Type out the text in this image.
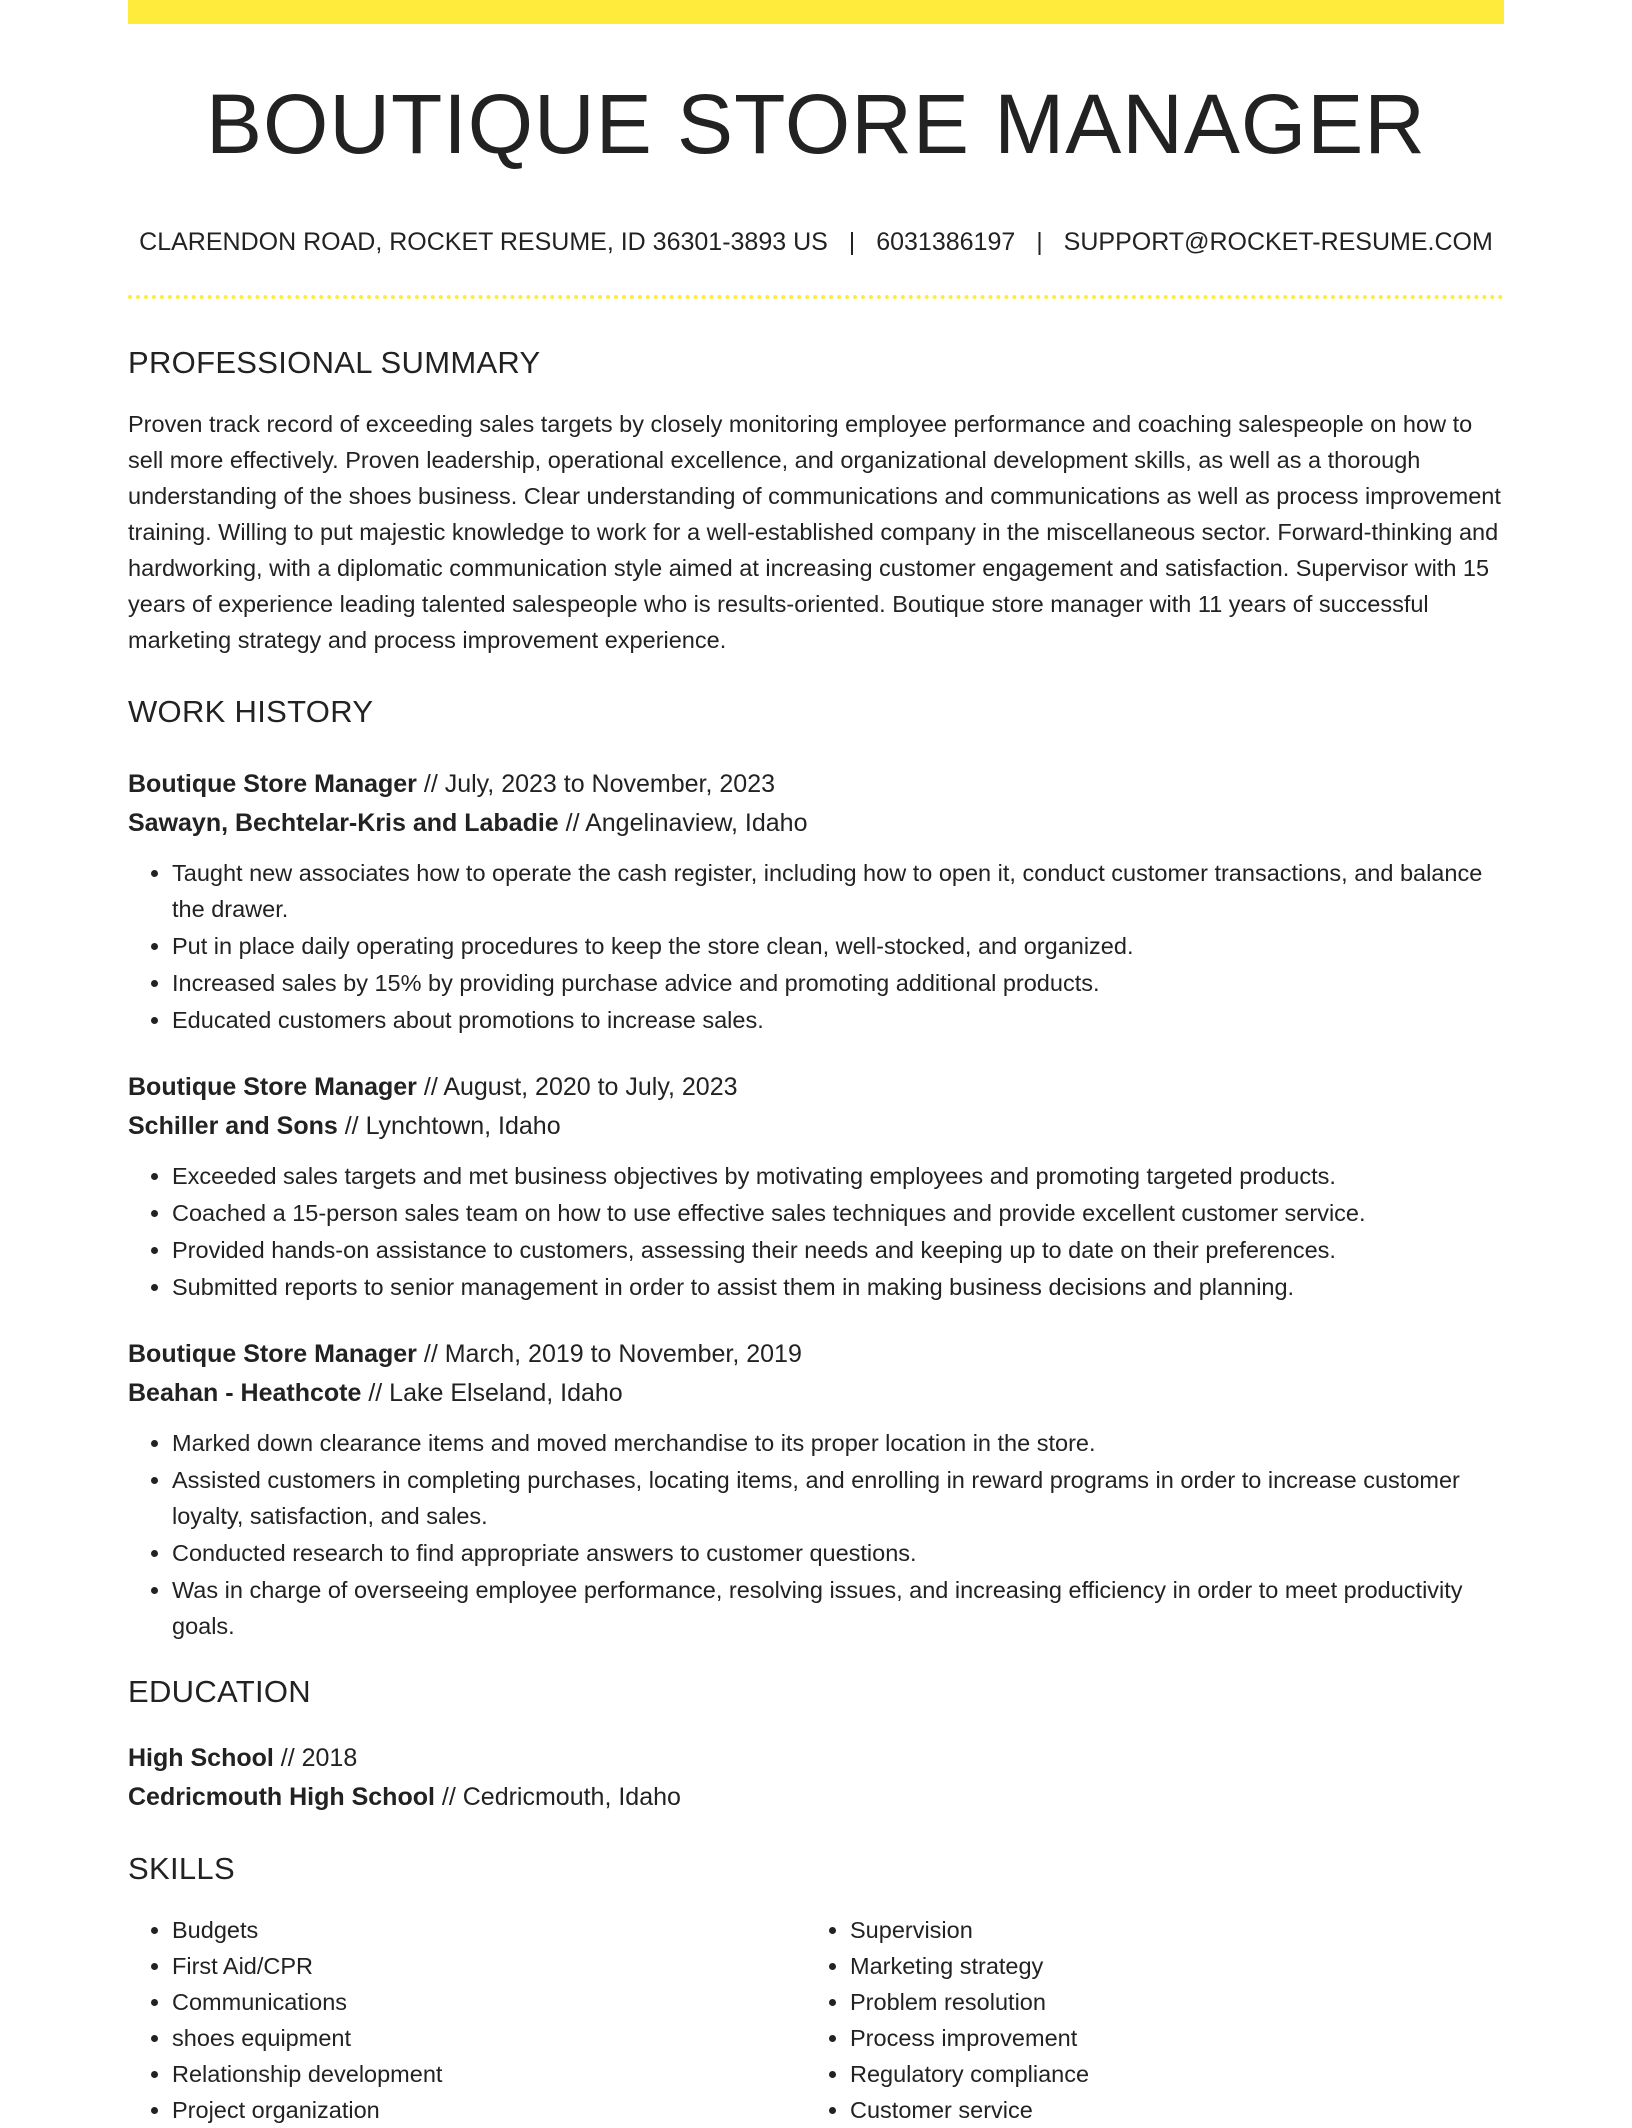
BOUTIQUE STORE MANAGER
CLARENDON ROAD, ROCKET RESUME, ID 36301-3893 US | 6031386197 | SUPPORT@ROCKET-RESUME.COM
PROFESSIONAL SUMMARY
Proven track record of exceeding sales targets by closely monitoring employee performance and coaching salespeople on how to sell more effectively. Proven leadership, operational excellence, and organizational development skills, as well as a thorough understanding of the shoes business. Clear understanding of communications and communications as well as process improvement training. Willing to put majestic knowledge to work for a well-established company in the miscellaneous sector. Forward-thinking and hardworking, with a diplomatic communication style aimed at increasing customer engagement and satisfaction. Supervisor with 15 years of experience leading talented salespeople who is results-oriented. Boutique store manager with 11 years of successful marketing strategy and process improvement experience.
WORK HISTORY
Boutique Store Manager // July, 2023 to November, 2023
Sawayn, Bechtelar-Kris and Labadie // Angelinaview, Idaho
• Taught new associates how to operate the cash register, including how to open it, conduct customer transactions, and balance the drawer.
• Put in place daily operating procedures to keep the store clean, well-stocked, and organized.
• Increased sales by 15% by providing purchase advice and promoting additional products.
• Educated customers about promotions to increase sales.
Boutique Store Manager // August, 2020 to July, 2023
Schiller and Sons // Lynchtown, Idaho
• Exceeded sales targets and met business objectives by motivating employees and promoting targeted products.
• Coached a 15-person sales team on how to use effective sales techniques and provide excellent customer service.
• Provided hands-on assistance to customers, assessing their needs and keeping up to date on their preferences.
• Submitted reports to senior management in order to assist them in making business decisions and planning.
Boutique Store Manager // March, 2019 to November, 2019
Beahan - Heathcote // Lake Elseland, Idaho
• Marked down clearance items and moved merchandise to its proper location in the store.
• Assisted customers in completing purchases, locating items, and enrolling in reward programs in order to increase customer loyalty, satisfaction, and sales.
• Conducted research to find appropriate answers to customer questions.
• Was in charge of overseeing employee performance, resolving issues, and increasing efficiency in order to meet productivity goals.
EDUCATION
High School // 2018
Cedricmouth High School // Cedricmouth, Idaho
SKILLS
• Budgets
• First Aid/CPR
• Communications
• shoes equipment
• Relationship development
• Project organization
• Supervision
• Marketing strategy
• Problem resolution
• Process improvement
• Regulatory compliance
• Customer service
